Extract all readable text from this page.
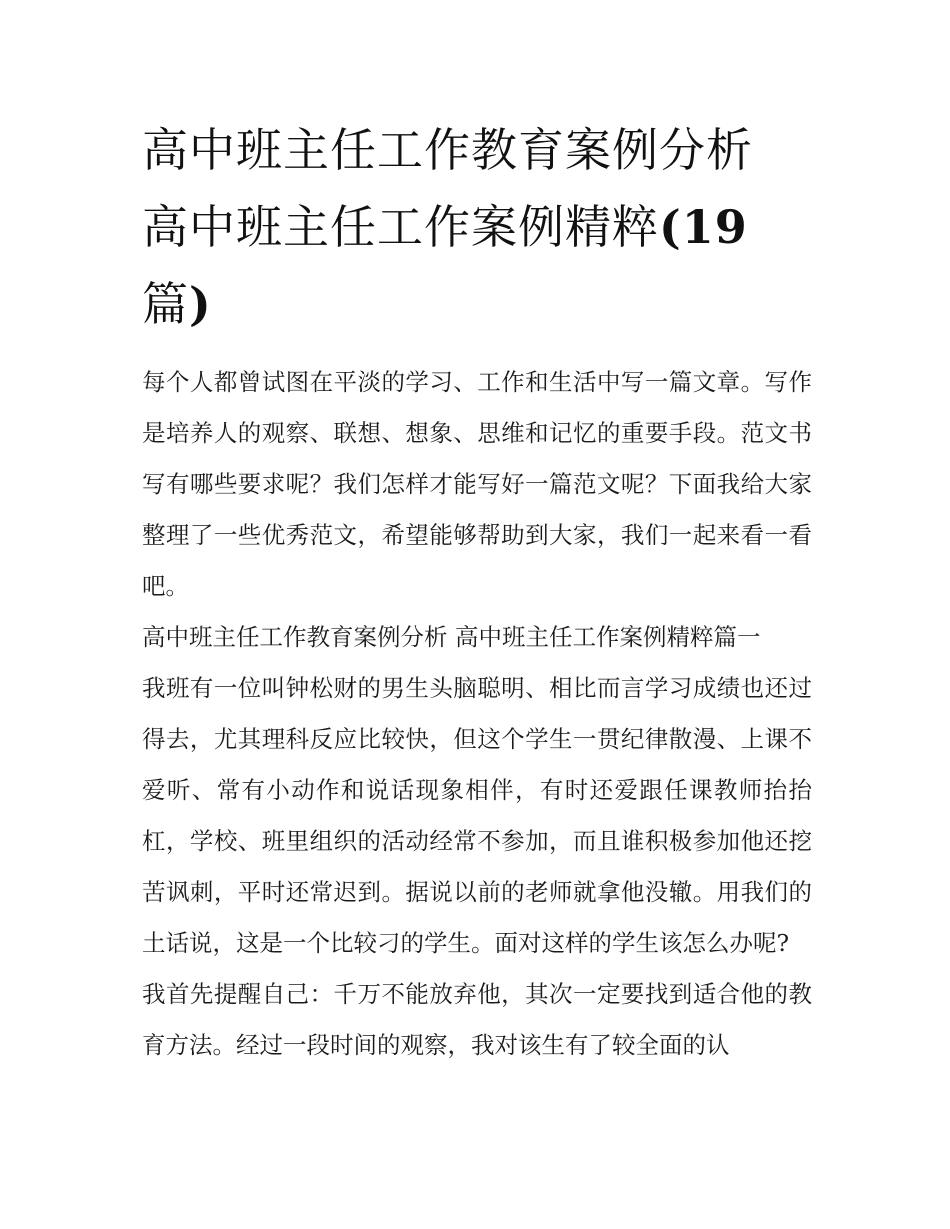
高中班主任工作教育案例分析
高中班主任工作案例精粹(19
篇)

每个人都曾试图在平淡的学习、工作和生活中写一篇文章。写作是培养人的观察、联想、想象、思维和记忆的重要手段。范文书写有哪些要求呢？我们怎样才能写好一篇范文呢？下面我给大家整理了一些优秀范文，希望能够帮助到大家，我们一起来看一看吧。

高中班主任工作教育案例分析 高中班主任工作案例精粹篇一

我班有一位叫钟松财的男生头脑聪明、相比而言学习成绩也还过得去，尤其理科反应比较快，但这个学生一贯纪律散漫、上课不爱听、常有小动作和说话现象相伴，有时还爱跟任课教师抬抬杠，学校、班里组织的活动经常不参加，而且谁积极参加他还挖苦讽刺，平时还常迟到。据说以前的老师就拿他没辙。用我们的土话说，这是一个比较刁的学生。面对这样的学生该怎么办呢?

我首先提醒自己：千万不能放弃他，其次一定要找到适合他的教育方法。经过一段时间的观察，我对该生有了较全面的认
